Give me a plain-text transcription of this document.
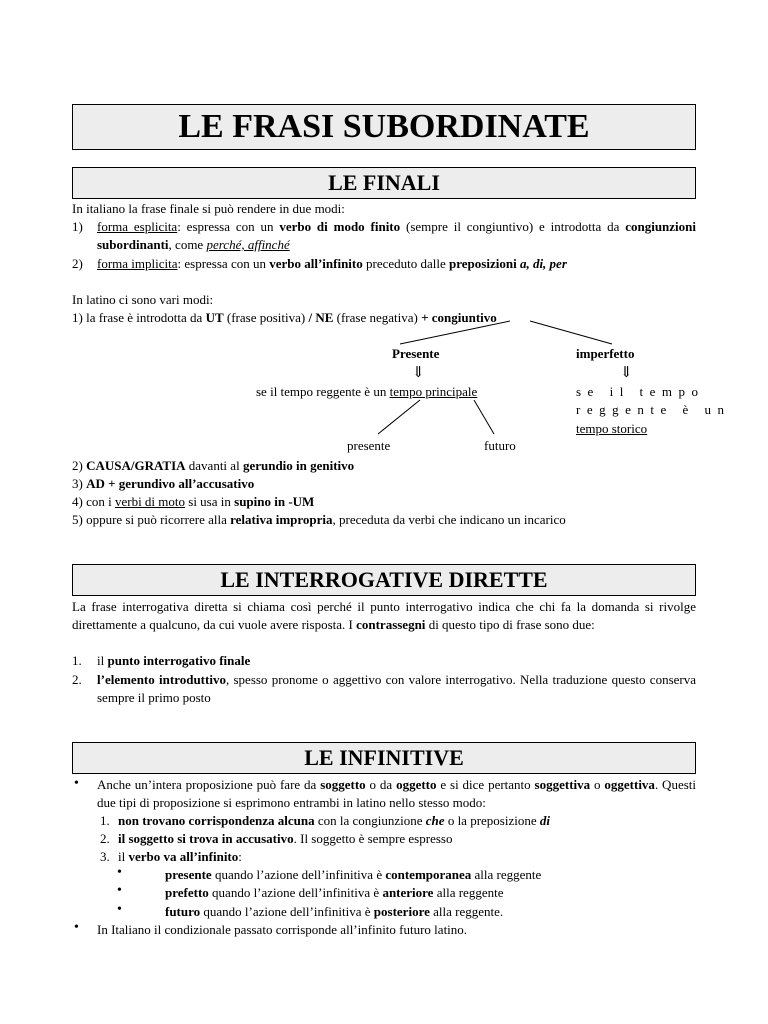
LE FRASI SUBORDINATE
LE FINALI
In italiano la frase finale si può rendere in due modi:
1) forma esplicita: espressa con un verbo di modo finito (sempre il congiuntivo) e introdotta da congiunzioni subordinanti, come perché, affinché
2) forma implicita: espressa con un verbo all’infinito preceduto dalle preposizioni a, di, per
In latino ci sono vari modi:
1) la frase è introdotta da UT (frase positiva) / NE (frase negativa) + congiuntivo
Presente	imperfetto
⇓	⇓
se il tempo reggente è un tempo principale	se il tempo
reggente è un
tempo storico
presente	futuro
2) CAUSA/GRATIA davanti al gerundio in genitivo
3) AD + gerundivo all’accusativo
4) con i verbi di moto si usa in supino in -UM
5) oppure si può ricorrere alla relativa impropria, preceduta da verbi che indicano un incarico
LE INTERROGATIVE DIRETTE
La frase interrogativa diretta si chiama così perché il punto interrogativo indica che chi fa la domanda si rivolge direttamente a qualcuno, da cui vuole avere risposta. I contrassegni di questo tipo di frase sono due:
1. il punto interrogativo finale
2. l’elemento introduttivo, spesso pronome o aggettivo con valore interrogativo. Nella traduzione questo conserva sempre il primo posto
LE INFINITIVE
• Anche un’intera proposizione può fare da soggetto o da oggetto e si dice pertanto soggettiva o oggettiva. Questi due tipi di proposizione si esprimono entrambi in latino nello stesso modo:
1. non trovano corrispondenza alcuna con la congiunzione che o la preposizione di
2. il soggetto si trova in accusativo. Il soggetto è sempre espresso
3. il verbo va all’infinito:
•	presente quando l’azione dell’infinitiva è contemporanea alla reggente
•	prefetto quando l’azione dell’infinitiva è anteriore alla reggente
•	futuro quando l’azione dell’infinitiva è posteriore alla reggente.
• In Italiano il condizionale passato corrisponde all’infinito futuro latino.
